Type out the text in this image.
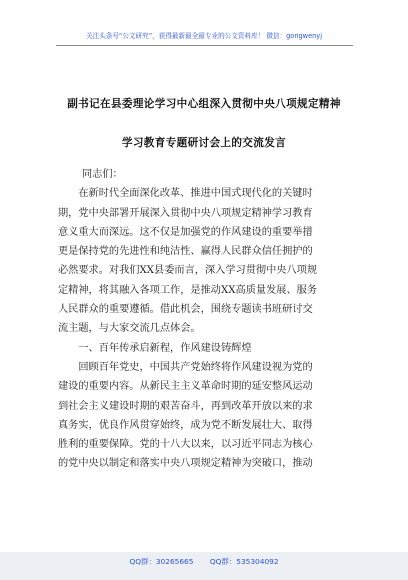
关注头条号“公文研究”，获得最新最全最专业的公文资料库！ 微信：gongwenyj
副书记在县委理论学习中心组深入贯彻中央八项规定精神
学习教育专题研讨会上的交流发言
同志们：
　　在新时代全面深化改革、推进中国式现代化的关键时
期，党中央部署开展深入贯彻中央八项规定精神学习教育
意义重大而深远。这不仅是加强党的作风建设的重要举措
更是保持党的先进性和纯洁性、赢得人民群众信任拥护的
必然要求。对我们XX县委而言，深入学习贯彻中央八项规
定精神，将其融入各项工作，是推动XX高质量发展、服务
人民群众的重要遵循。借此机会，围绕专题读书班研讨交
流主题，与大家交流几点体会。
　　一、百年传承启新程，作风建设铸辉煌
　　回顾百年党史，中国共产党始终将作风建设视为党的
建设的重要内容。从新民主主义革命时期的延安整风运动
到社会主义建设时期的艰苦奋斗，再到改革开放以来的求
真务实，优良作风贯穿始终，成为党不断发展壮大、取得
胜利的重要保障。党的十八大以来，以习近平同志为核心
的党中央以制定和落实中央八项规定精神为突破口，推动
QQ群：30265665 QQ群：535304092
